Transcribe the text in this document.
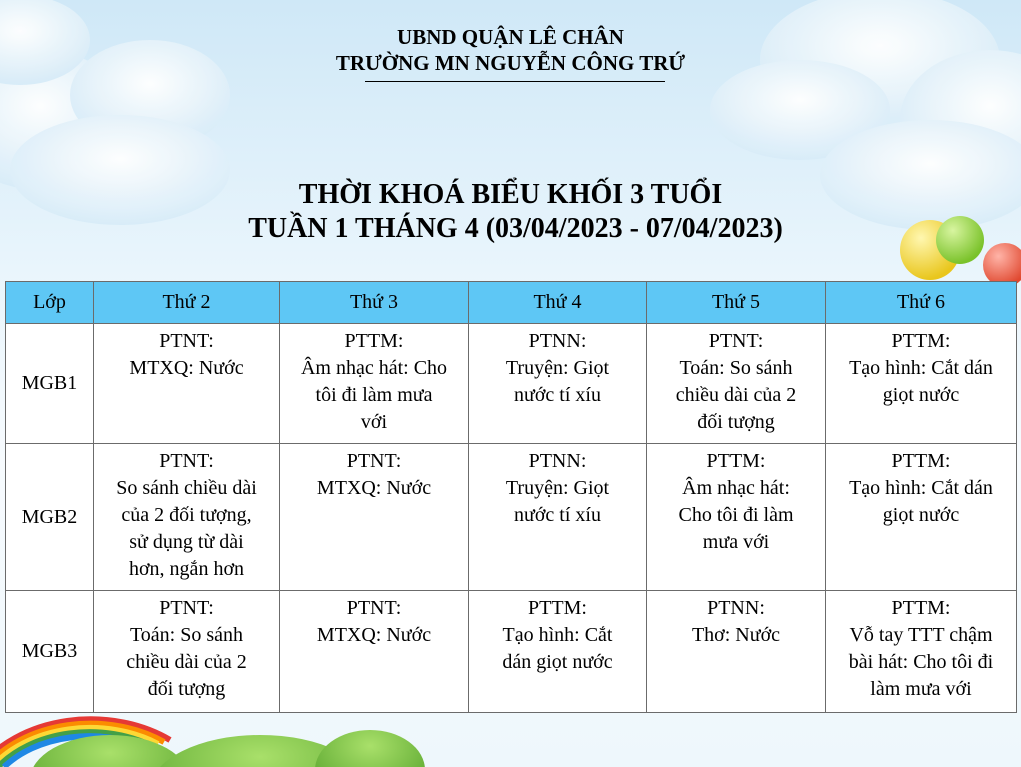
UBND QUẬN LÊ CHÂN
TRƯỜNG MN NGUYỄN CÔNG TRỨ
THỜI KHOÁ BIỂU KHỐI 3 TUỔI
TUẦN 1 THÁNG 4 (03/04/2023 - 07/04/2023)
Lớp	Thứ 2	Thứ 3	Thứ 4	Thứ 5	Thứ 6
MGB1	PTNT:
MTXQ: Nước	PTTM:
Âm nhạc hát: Cho
tôi đi làm mưa
với	PTNN:
Truyện: Giọt
nước tí xíu	PTNT:
Toán: So sánh
chiều dài của 2
đối tượng	PTTM:
Tạo hình: Cắt dán
giọt nước
MGB2	PTNT:
So sánh chiều dài
của 2 đối tượng,
sử dụng từ dài
hơn, ngắn hơn	PTNT:
MTXQ: Nước	PTNN:
Truyện: Giọt
nước tí xíu	PTTM:
Âm nhạc hát:
Cho tôi đi làm
mưa với	PTTM:
Tạo hình: Cắt dán
giọt nước
MGB3	PTNT:
Toán: So sánh
chiều dài của 2
đối tượng	PTNT:
MTXQ: Nước	PTTM:
Tạo hình: Cắt
dán giọt nước	PTNN:
Thơ: Nước	PTTM:
Vỗ tay TTT chậm
bài hát: Cho tôi đi
làm mưa với
